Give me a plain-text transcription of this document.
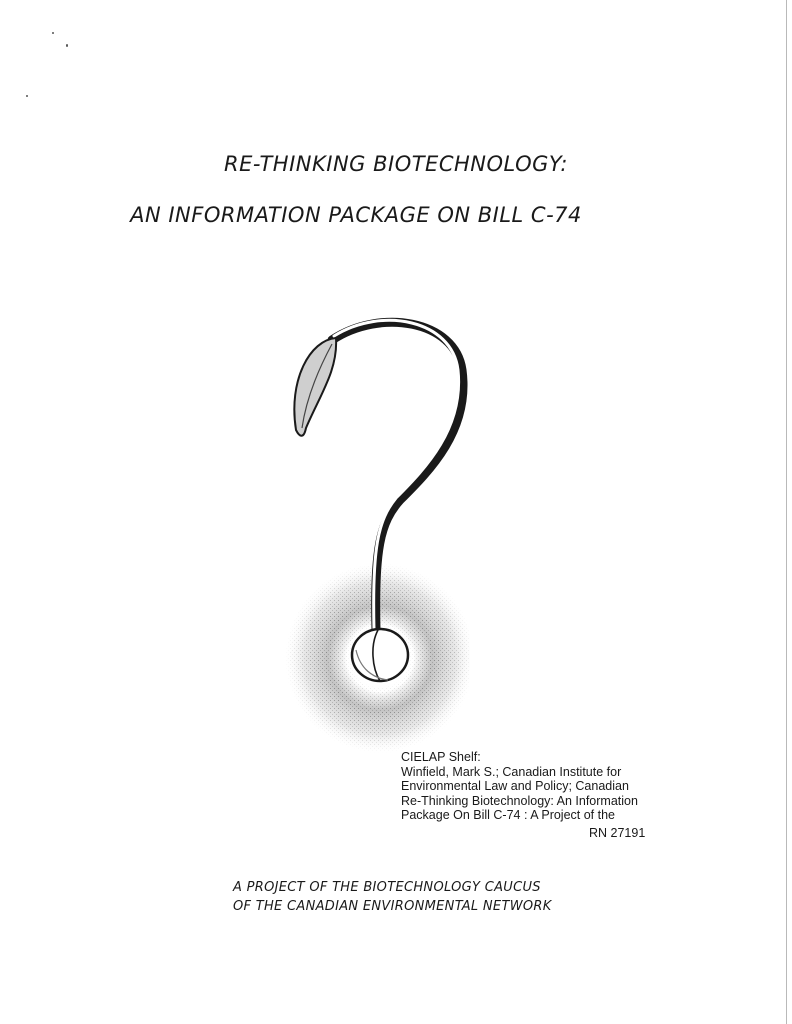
RE-THINKING BIOTECHNOLOGY:
AN INFORMATION PACKAGE ON BILL C-74
CIELAP Shelf:
Winfield, Mark S.; Canadian Institute for
Environmental Law and Policy; Canadian
Re-Thinking Biotechnology: An Information
Package On Bill C-74 : A Project of the
RN 27191
A PROJECT OF THE BIOTECHNOLOGY CAUCUS
OF THE CANADIAN ENVIRONMENTAL NETWORK
